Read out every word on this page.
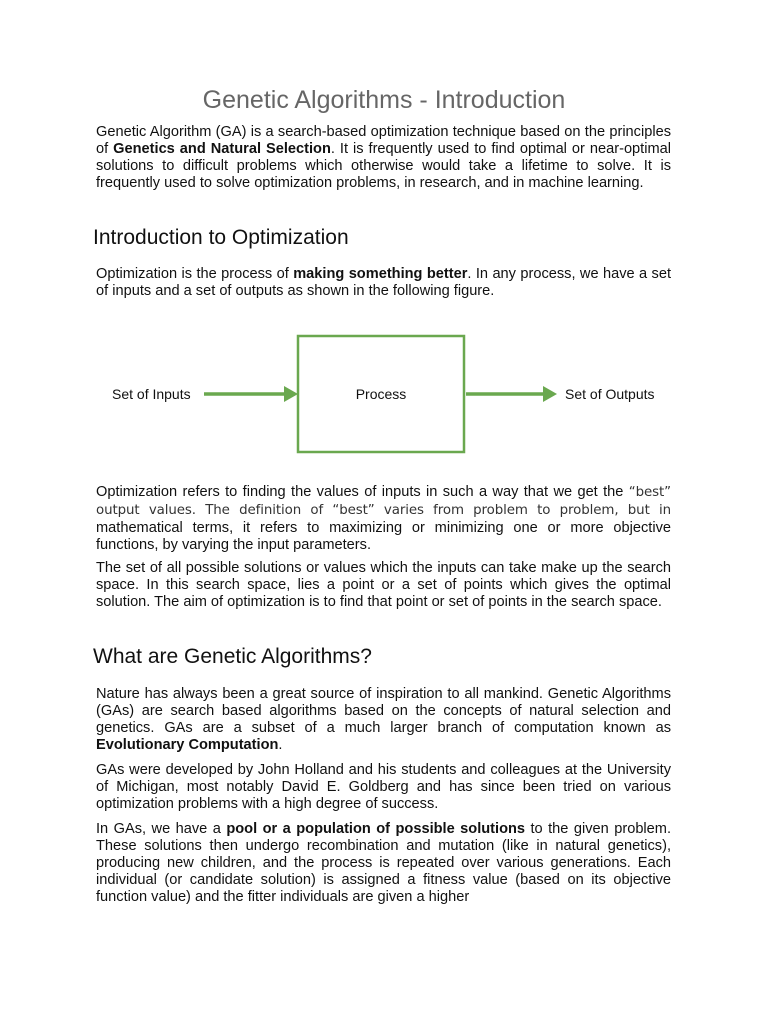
Genetic Algorithms - Introduction

Genetic Algorithm (GA) is a search-based optimization technique based on the principles of Genetics and Natural Selection. It is frequently used to find optimal or near-optimal solutions to difficult problems which otherwise would take a lifetime to solve. It is frequently used to solve optimization problems, in research, and in machine learning.

Introduction to Optimization

Optimization is the process of making something better. In any process, we have a set of inputs and a set of outputs as shown in the following figure.

Set of Inputs	Process	Set of Outputs

Optimization refers to finding the values of inputs in such a way that we get the “best” output values. The definition of “best” varies from problem to problem, but in mathematical terms, it refers to maximizing or minimizing one or more objective functions, by varying the input parameters.

The set of all possible solutions or values which the inputs can take make up the search space. In this search space, lies a point or a set of points which gives the optimal solution. The aim of optimization is to find that point or set of points in the search space.

What are Genetic Algorithms?

Nature has always been a great source of inspiration to all mankind. Genetic Algorithms (GAs) are search based algorithms based on the concepts of natural selection and genetics. GAs are a subset of a much larger branch of computation known as Evolutionary Computation.

GAs were developed by John Holland and his students and colleagues at the University of Michigan, most notably David E. Goldberg and has since been tried on various optimization problems with a high degree of success.

In GAs, we have a pool or a population of possible solutions to the given problem. These solutions then undergo recombination and mutation (like in natural genetics), producing new children, and the process is repeated over various generations. Each individual (or candidate solution) is assigned a fitness value (based on its objective function value) and the fitter individuals are given a higher
